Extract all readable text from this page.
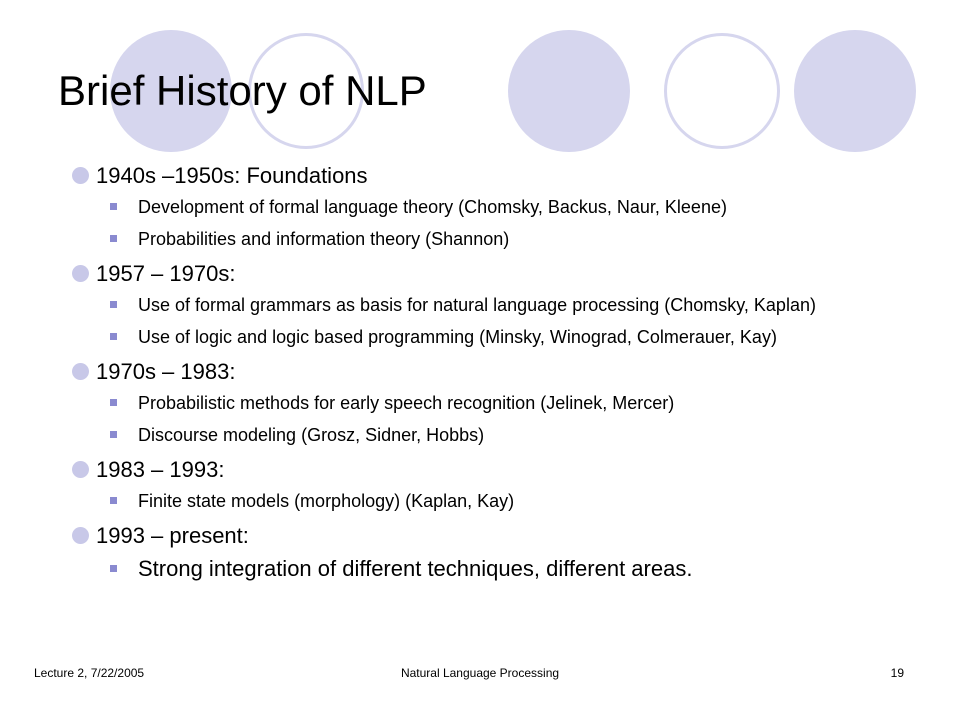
Brief History of NLP
1940s –1950s: Foundations
Development of formal language theory (Chomsky, Backus, Naur, Kleene)
Probabilities and information theory (Shannon)
1957 – 1970s:
Use of formal grammars as basis for natural language processing (Chomsky, Kaplan)
Use of logic and logic based programming (Minsky, Winograd, Colmerauer, Kay)
1970s – 1983:
Probabilistic methods for early speech recognition (Jelinek, Mercer)
Discourse modeling (Grosz, Sidner, Hobbs)
1983 – 1993:
Finite state models (morphology) (Kaplan, Kay)
1993 – present:
Strong integration of different techniques, different areas.
Lecture 2, 7/22/2005	Natural Language Processing	19
